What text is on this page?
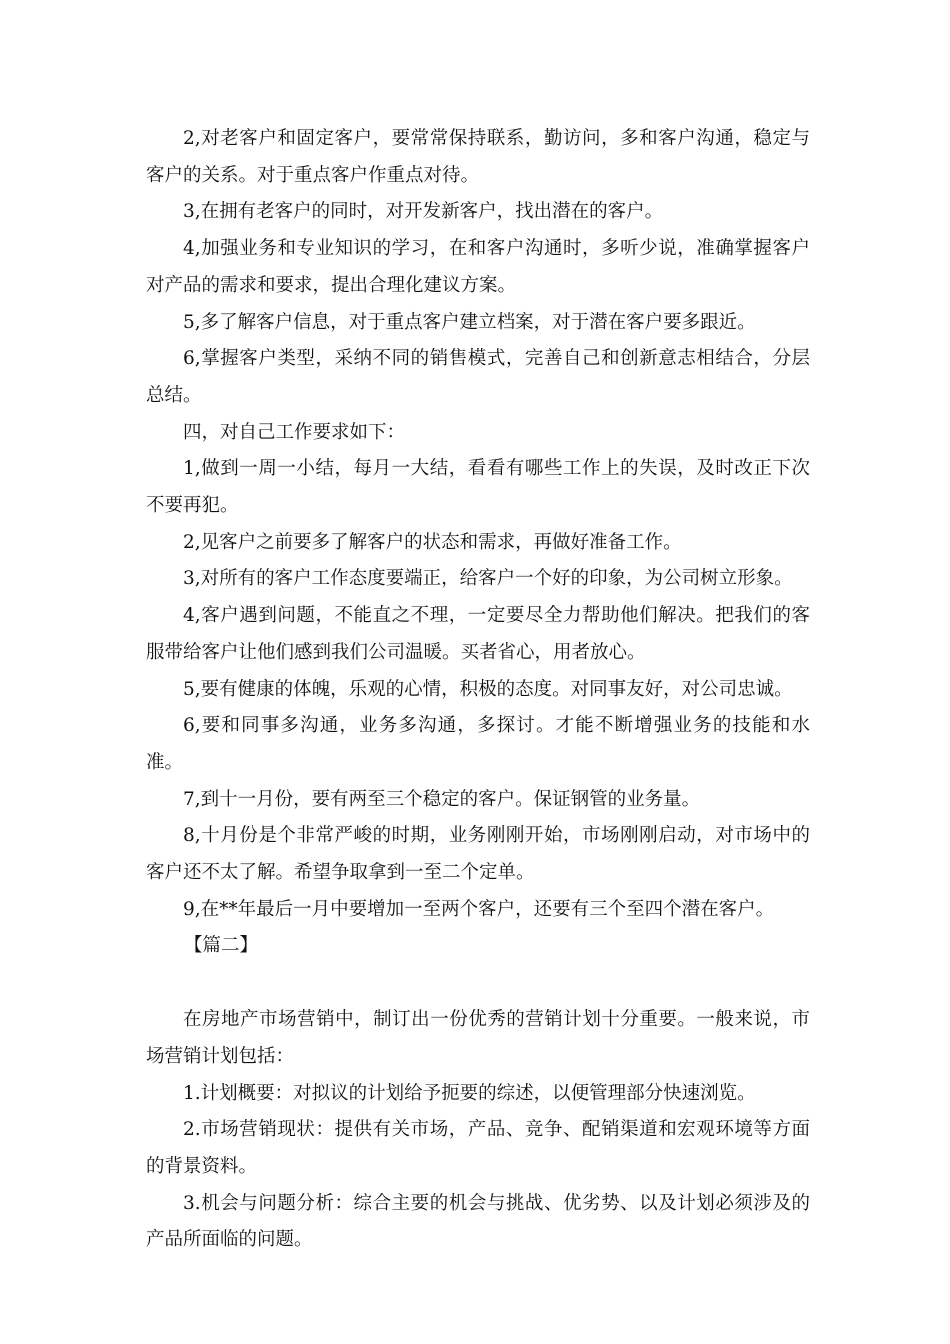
2,对老客户和固定客户，要常常保持联系，勤访问，多和客户沟通，稳定与客户的关系。对于重点客户作重点对待。

3,在拥有老客户的同时，对开发新客户，找出潜在的客户。

4,加强业务和专业知识的学习，在和客户沟通时，多听少说，准确掌握客户对产品的需求和要求，提出合理化建议方案。

5,多了解客户信息，对于重点客户建立档案，对于潜在客户要多跟近。

6,掌握客户类型，采纳不同的销售模式，完善自己和创新意志相结合，分层总结。

四，对自己工作要求如下：

1,做到一周一小结，每月一大结，看看有哪些工作上的失误，及时改正下次不要再犯。

2,见客户之前要多了解客户的状态和需求，再做好准备工作。

3,对所有的客户工作态度要端正，给客户一个好的印象，为公司树立形象。

4,客户遇到问题，不能直之不理，一定要尽全力帮助他们解决。把我们的客服带给客户让他们感到我们公司温暖。买者省心，用者放心。

5,要有健康的体魄，乐观的心情，积极的态度。对同事友好，对公司忠诚。

6,要和同事多沟通，业务多沟通，多探讨。才能不断增强业务的技能和水准。

7,到十一月份，要有两至三个稳定的客户。保证钢管的业务量。

8,十月份是个非常严峻的时期，业务刚刚开始，市场刚刚启动，对市场中的客户还不太了解。希望争取拿到一至二个定单。

9,在**年最后一月中要增加一至两个客户，还要有三个至四个潜在客户。

【篇二】

在房地产市场营销中，制订出一份优秀的营销计划十分重要。一般来说，市场营销计划包括：

1.计划概要：对拟议的计划给予扼要的综述，以便管理部分快速浏览。

2.市场营销现状：提供有关市场，产品、竞争、配销渠道和宏观环境等方面的背景资料。

3.机会与问题分析：综合主要的机会与挑战、优劣势、以及计划必须涉及的产品所面临的问题。
